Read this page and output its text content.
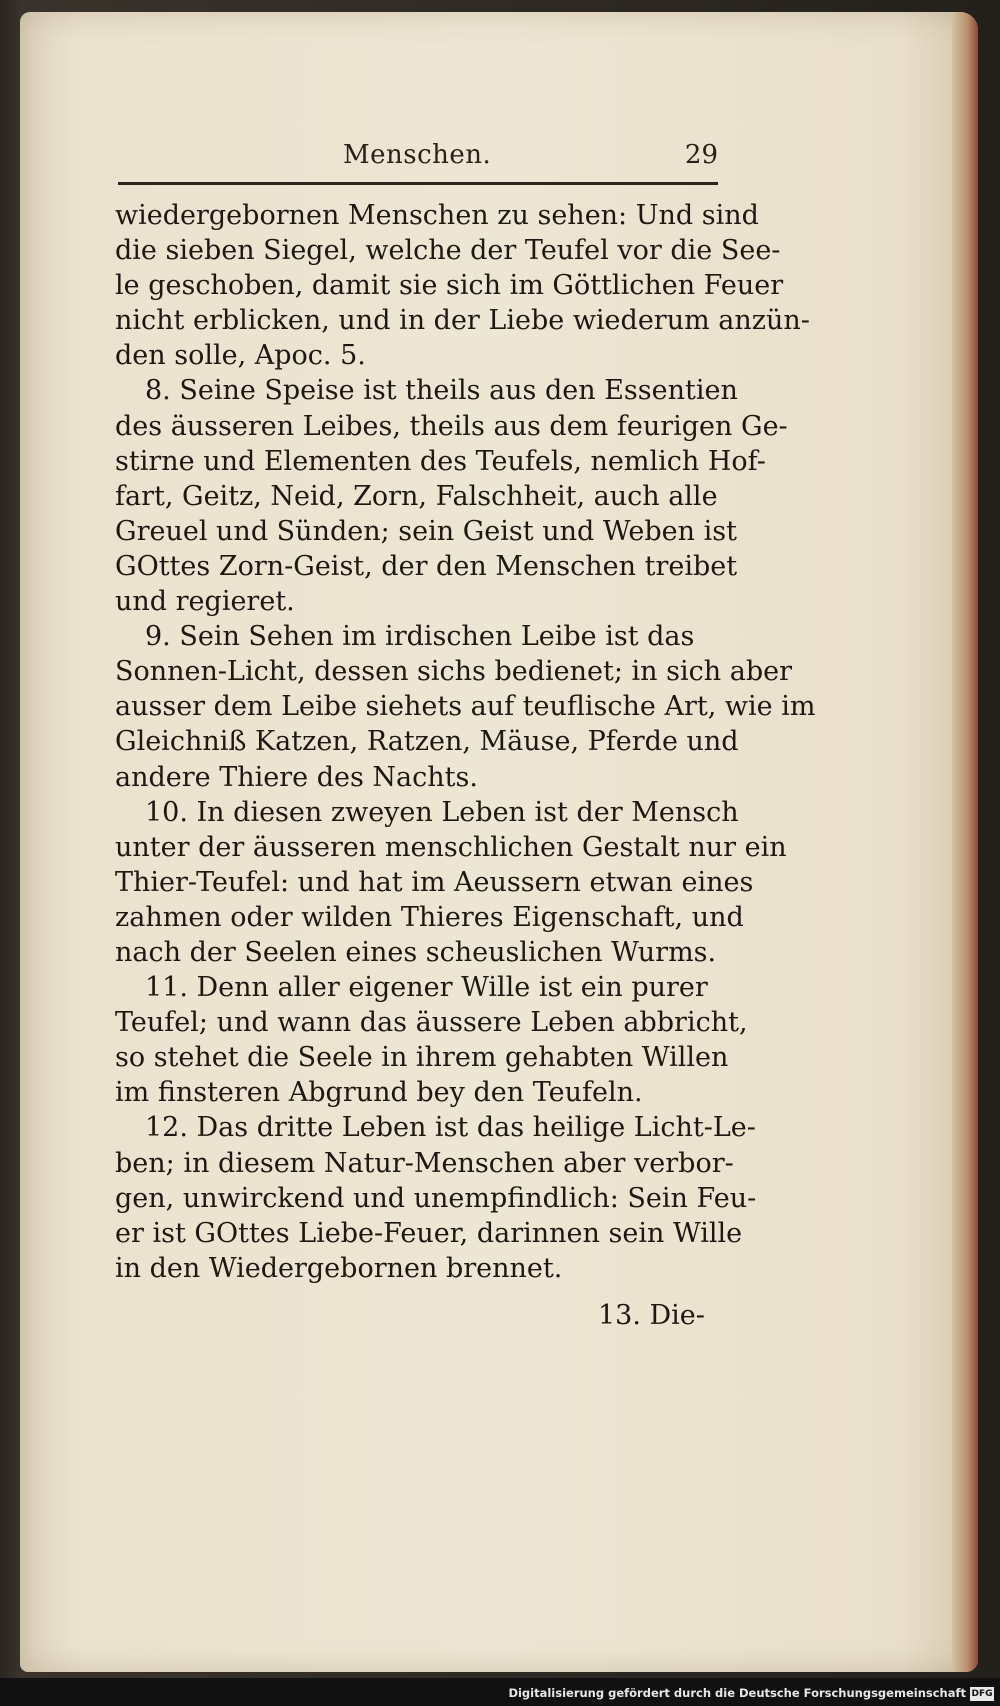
Menschen.	29
wiedergebornen Menschen zu sehen: Und sind
die sieben Siegel, welche der Teufel vor die See-
le geschoben, damit sie sich im Göttlichen Feuer
nicht erblicken, und in der Liebe wiederum anzün-
den solle, Apoc. 5.
8. Seine Speise ist theils aus den Essentien
des äusseren Leibes, theils aus dem feurigen Ge-
stirne und Elementen des Teufels, nemlich Hof-
fart, Geitz, Neid, Zorn, Falschheit, auch alle
Greuel und Sünden; sein Geist und Weben ist
GOttes Zorn-Geist, der den Menschen treibet
und regieret.
9. Sein Sehen im irdischen Leibe ist das
Sonnen-Licht, dessen sichs bedienet; in sich aber
ausser dem Leibe siehets auf teuflische Art, wie im
Gleichniß Katzen, Ratzen, Mäuse, Pferde und
andere Thiere des Nachts.
10. In diesen zweyen Leben ist der Mensch
unter der äusseren menschlichen Gestalt nur ein
Thier-Teufel: und hat im Aeussern etwan eines
zahmen oder wilden Thieres Eigenschaft, und
nach der Seelen eines scheuslichen Wurms.
11. Denn aller eigener Wille ist ein purer
Teufel; und wann das äussere Leben abbricht,
so stehet die Seele in ihrem gehabten Willen
im finsteren Abgrund bey den Teufeln.
12. Das dritte Leben ist das heilige Licht-Le-
ben; in diesem Natur-Menschen aber verbor-
gen, unwirckend und unempfindlich: Sein Feu-
er ist GOttes Liebe-Feuer, darinnen sein Wille
in den Wiedergebornen brennet.
13. Die-
Digitalisierung gefördert durch die Deutsche Forschungsgemeinschaft DFG
